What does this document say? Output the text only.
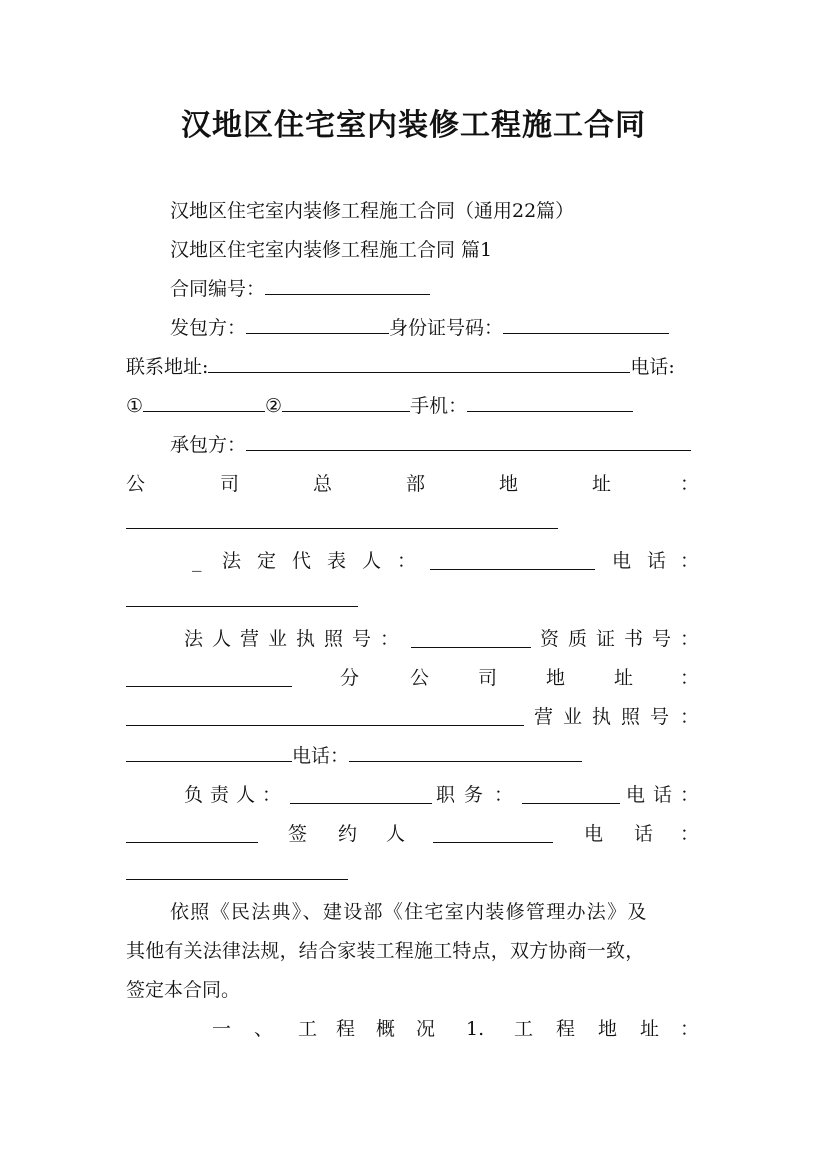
汉地区住宅室内装修工程施工合同
汉地区住宅室内装修工程施工合同（通用22篇）
汉地区住宅室内装修工程施工合同 篇1
合同编号：
发包方：	身份证号码：
联系地址:	电话:
①	②	手机：
承包方：
公	司	总	部	地	址	：
_ 法 定 代 表 人 ：	电 话 ：
法 人 营 业 执 照 号 ：	资 质 证 书 号 ：
分	公	司	地	址 ：
营 业 执 照 号 ：
电话：
负 责 人 ：	职 务 ：	电 话 ：
签 约 人	电 话 ：
依照《民法典》、建设部《住宅室内装修管理办法》及
其他有关法律法规，结合家装工程施工特点，双方协商一致，
签定本合同。
一 、 工 程 概 况 1. 工 程 地 址 ：
